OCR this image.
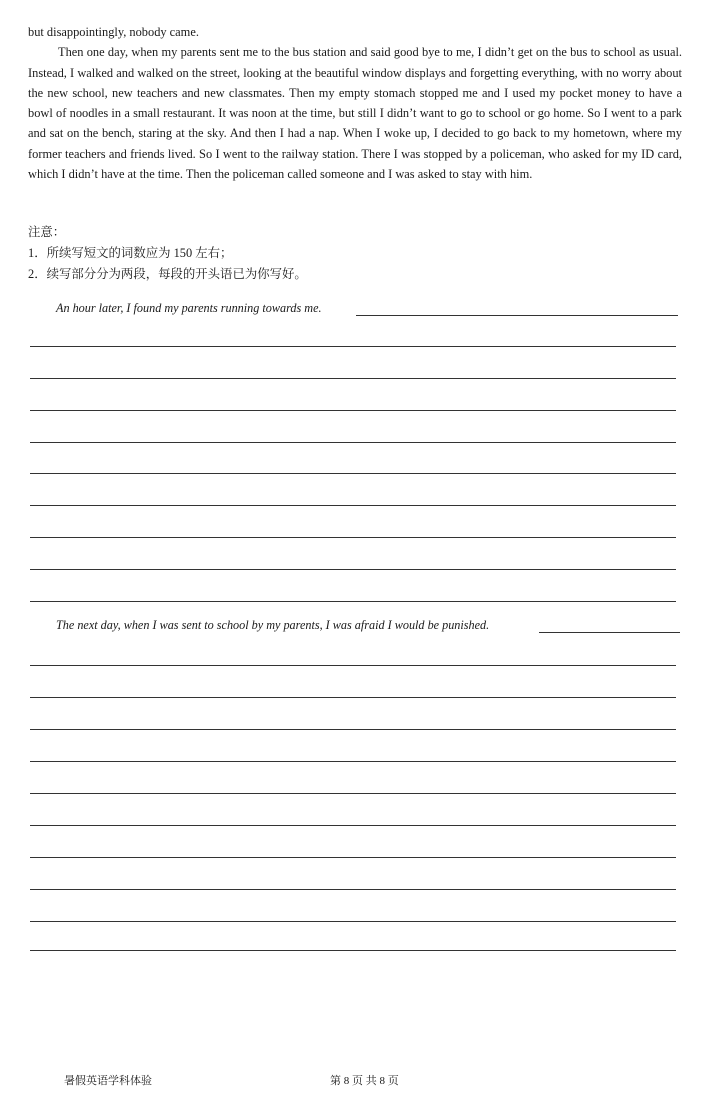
but disappointingly, nobody came.

Then one day, when my parents sent me to the bus station and said good bye to me, I didn’t get on the bus to school as usual. Instead, I walked and walked on the street, looking at the beautiful window displays and forgetting everything, with no worry about the new school, new teachers and new classmates. Then my empty stomach stopped me and I used my pocket money to have a bowl of noodles in a small restaurant. It was noon at the time, but still I didn’t want to go to school or go home. So I went to a park and sat on the bench, staring at the sky. And then I had a nap. When I woke up, I decided to go back to my hometown, where my former teachers and friends lived. So I went to the railway station. There I was stopped by a policeman, who asked for my ID card, which I didn’t have at the time. Then the policeman called someone and I was asked to stay with him.

注意：
1．所续写短文的词数应为 150 左右；
2．续写部分分为两段，每段的开头语已为你写好。
An hour later, I found my parents running towards me.
The next day, when I was sent to school by my parents, I was afraid I would be punished.
暑假英语学科体验	第 8 页 共 8 页
